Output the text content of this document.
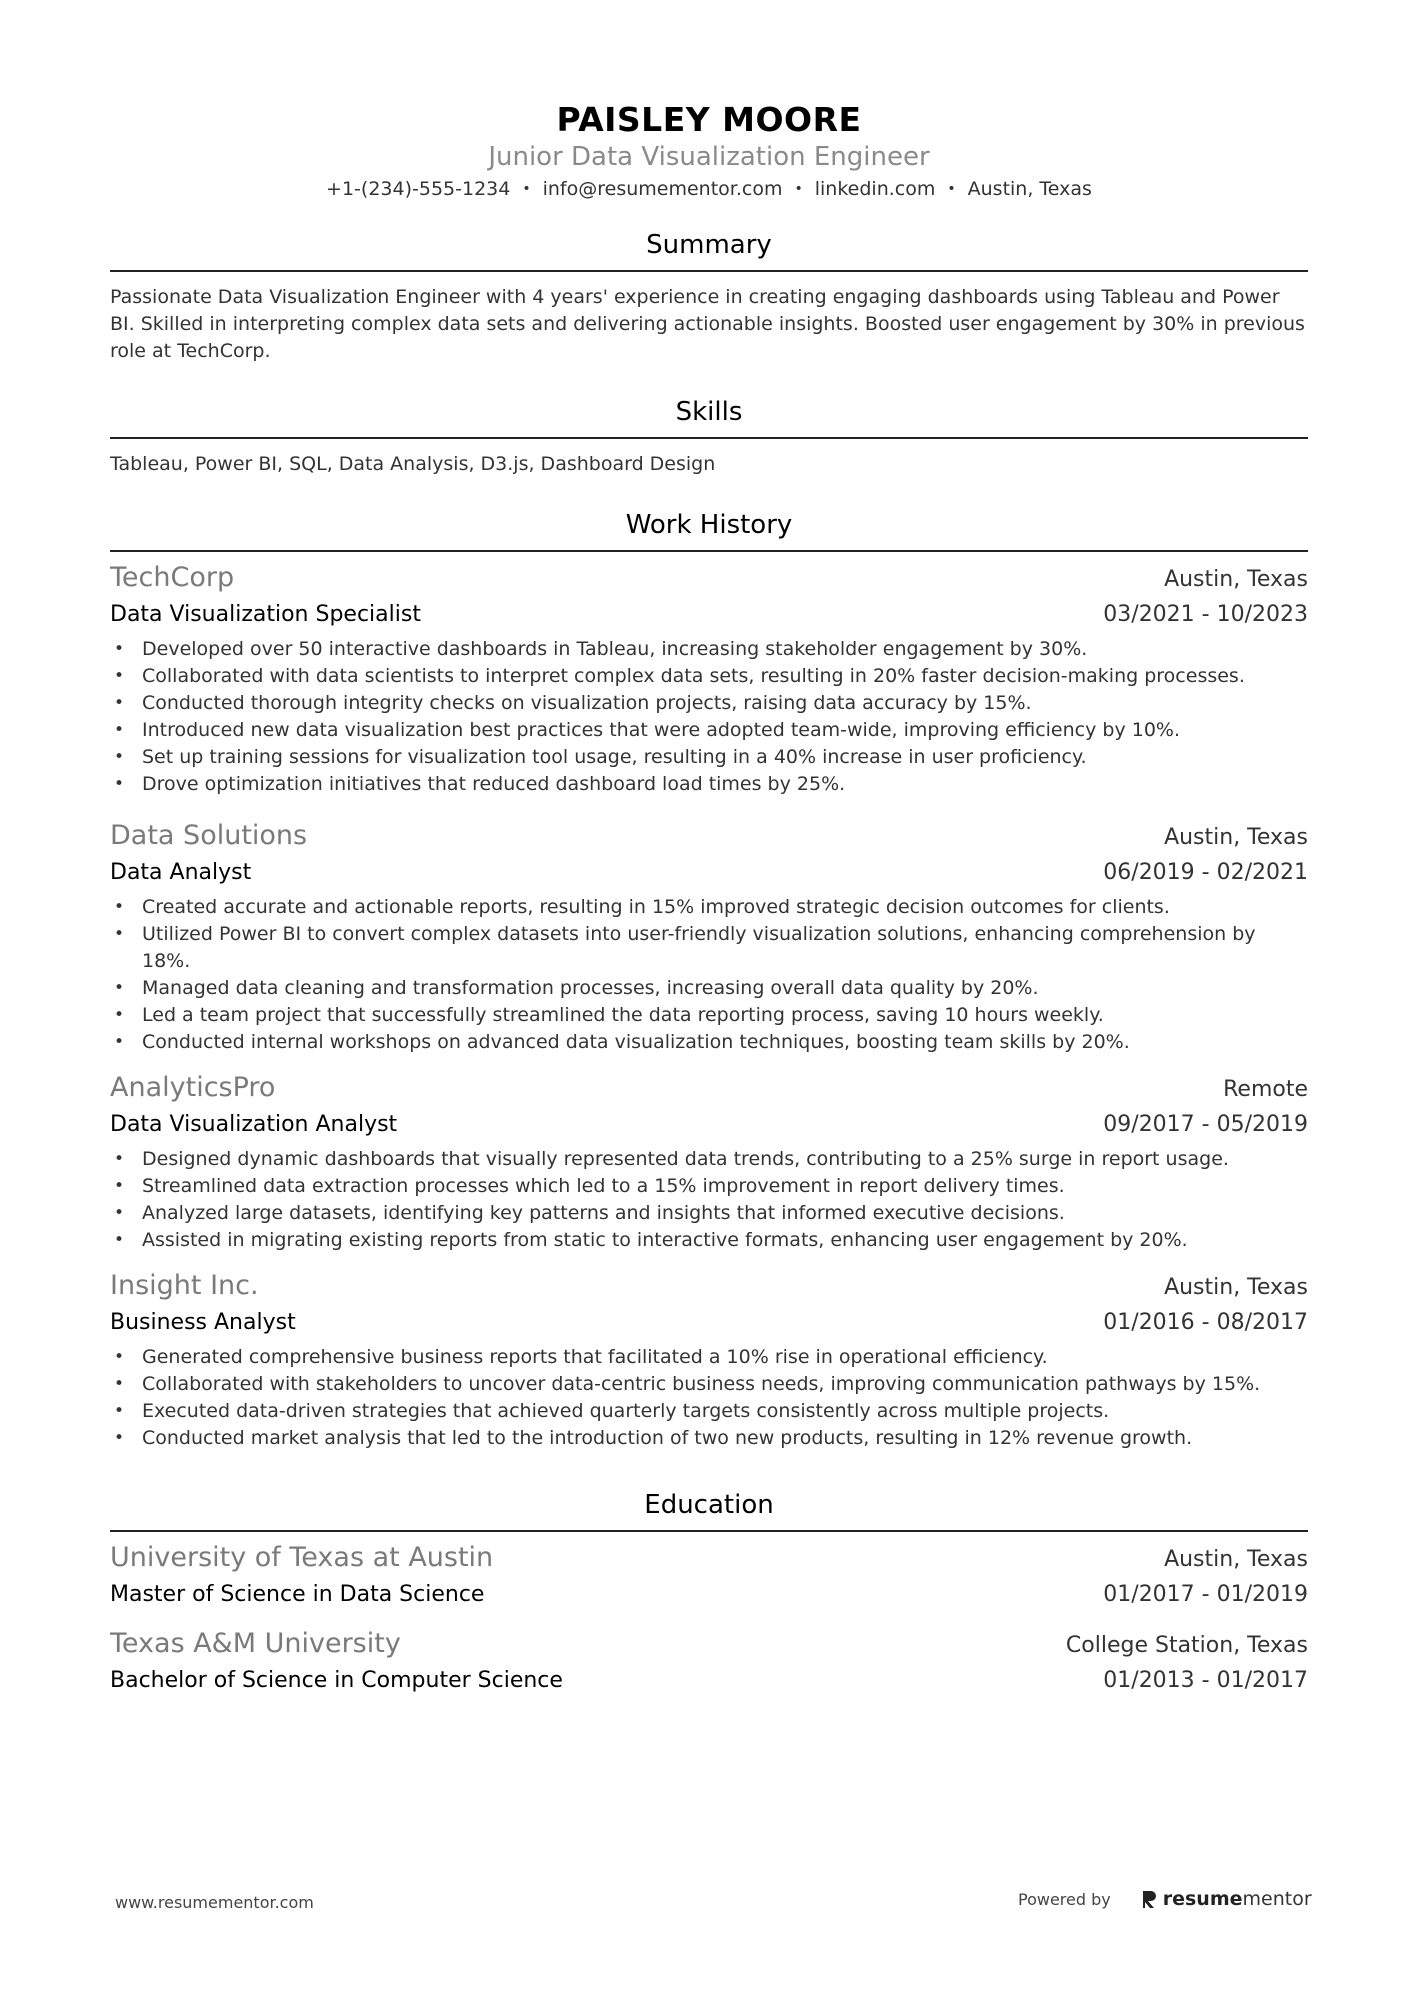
PAISLEY MOORE
Junior Data Visualization Engineer
+1-(234)-555-1234 • info@resumementor.com • linkedin.com • Austin, Texas
Summary
Passionate Data Visualization Engineer with 4 years' experience in creating engaging dashboards using Tableau and Power BI. Skilled in interpreting complex data sets and delivering actionable insights. Boosted user engagement by 30% in previous role at TechCorp.
Skills
Tableau, Power BI, SQL, Data Analysis, D3.js, Dashboard Design
Work History
TechCorp	Austin, Texas
Data Visualization Specialist	03/2021 - 10/2023
• Developed over 50 interactive dashboards in Tableau, increasing stakeholder engagement by 30%.
• Collaborated with data scientists to interpret complex data sets, resulting in 20% faster decision-making processes.
• Conducted thorough integrity checks on visualization projects, raising data accuracy by 15%.
• Introduced new data visualization best practices that were adopted team-wide, improving efficiency by 10%.
• Set up training sessions for visualization tool usage, resulting in a 40% increase in user proficiency.
• Drove optimization initiatives that reduced dashboard load times by 25%.
Data Solutions	Austin, Texas
Data Analyst	06/2019 - 02/2021
• Created accurate and actionable reports, resulting in 15% improved strategic decision outcomes for clients.
• Utilized Power BI to convert complex datasets into user-friendly visualization solutions, enhancing comprehension by 18%.
• Managed data cleaning and transformation processes, increasing overall data quality by 20%.
• Led a team project that successfully streamlined the data reporting process, saving 10 hours weekly.
• Conducted internal workshops on advanced data visualization techniques, boosting team skills by 20%.
AnalyticsPro	Remote
Data Visualization Analyst	09/2017 - 05/2019
• Designed dynamic dashboards that visually represented data trends, contributing to a 25% surge in report usage.
• Streamlined data extraction processes which led to a 15% improvement in report delivery times.
• Analyzed large datasets, identifying key patterns and insights that informed executive decisions.
• Assisted in migrating existing reports from static to interactive formats, enhancing user engagement by 20%.
Insight Inc.	Austin, Texas
Business Analyst	01/2016 - 08/2017
• Generated comprehensive business reports that facilitated a 10% rise in operational efficiency.
• Collaborated with stakeholders to uncover data-centric business needs, improving communication pathways by 15%.
• Executed data-driven strategies that achieved quarterly targets consistently across multiple projects.
• Conducted market analysis that led to the introduction of two new products, resulting in 12% revenue growth.
Education
University of Texas at Austin	Austin, Texas
Master of Science in Data Science	01/2017 - 01/2019
Texas A&M University	College Station, Texas
Bachelor of Science in Computer Science	01/2013 - 01/2017
www.resumementor.com	Powered by	resume mentor
